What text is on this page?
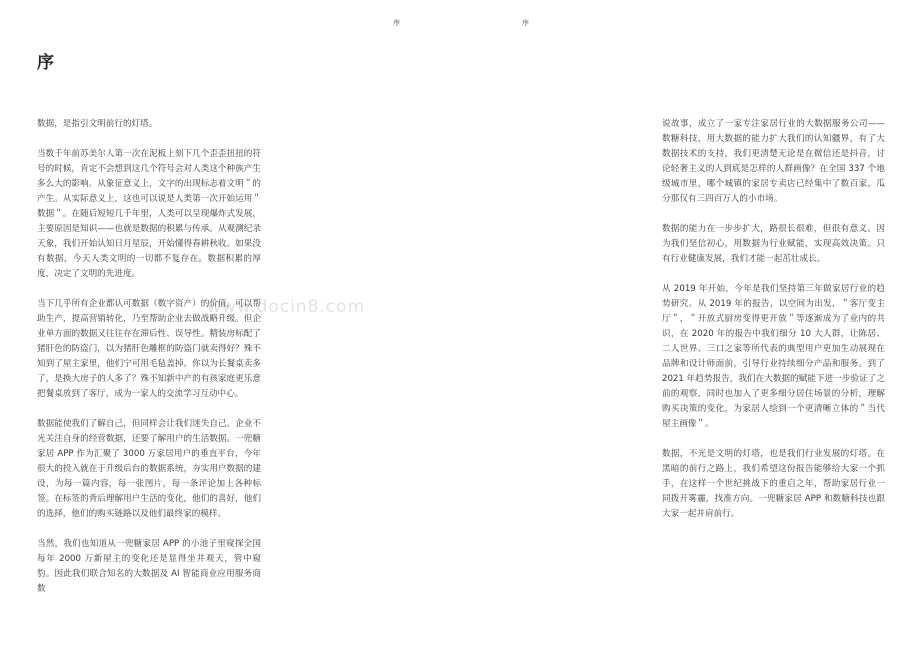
序	序
序
www.docin8.com

数据，是指引文明前行的灯塔。

当数千年前苏美尔人第一次在泥板上刻下几个歪歪扭扭的符号的时候，肯定不会想到这几个符号会对人类这个种族产生多么大的影响。从象征意义上，文字的出现标志着文明＂的产生。从实际意义上，这也可以说是人类第一次开始运用＂数据＂。在随后短短几千年里，人类可以呈现爆炸式发展，主要原因是知识——也就是数据的积累与传承。从观测纪录天象，我们开始认知日月星辰，开始懂得春耕秋收。如果没有数据，今天人类文明的一切都不复存在。数据积累的厚度，决定了文明的先进度。

当下几乎所有企业都认可数据（数字资产）的价值，可以帮助生产，提高营销转化，乃至帮助企业去做战略升级。但企业单方面的数据又往往存在滞后性、误导性。精装房标配了猪肝色的防盗门，以为猪肝色雕框的防盗门就卖得好？殊不知到了屋主家里，他们宁可用毛毡盖掉。你以为长餐桌卖多了，是换大房子的人多了？殊不知新中产的有孩家庭更乐意把餐桌放到了客厅，成为一家人的交流学习互动中心。

数据能使我们了解自己，但同样会让我们迷失自己。企业不光关注自身的经营数据，还要了解用户的生活数据。一兜糖家居 APP 作为汇聚了 3000 万家居用户的垂直平台，今年很大的投入就在于升级后台的数据系统，夯实用户数据的建设，为每一篇内容，每一张图片，每一条评论加上各种标签。在标签的背后理解用户生活的变化，他们的喜好，他们的选择，他们的购买链路以及他们最终家的模样。

当然，我们也知道从一兜糖家居 APP 的小池子里窥探全国每年 2000 万新屋主的变化还是显得坐井观天，管中窥豹。因此我们联合知名的大数据及 AI 智能商业应用服务商数

说故事，成立了一家专注家居行业的大数据服务公司——数糖科技，用大数据的能力扩大我们的认知疆界，有了大数据技术的支持，我们更清楚无论是在微信还是抖音，讨论轻奢主义的人到底是怎样的人群画像？在全国 337 个地级城市里，哪个城镇的家居专卖店已经集中了数百家，瓜分那仅有三四百万人的小市场。

数据的能力在一步步扩大，路很长很难，但很有意义。因为我们坚信初心，用数据为行业赋能，实现高效决策。只有行业健康发展，我们才能一起茁壮成长。

从 2019 年开始，今年是我们坚持第三年做家居行业的趋势研究。从 2019 年的报告，以空间为出发，＂客厅变主厅＂，＂开放式厨房变得更开放＂等逐渐成为了业内的共识，在 2020 年的报告中我们细分 10 大人群，让陈居、二人世界、三口之家等所代表的典型用户更加生动展现在品牌和设计师面前，引导行业持续细分产品和服务。到了 2021 年趋势报告，我们在大数据的赋能下进一步验证了之前的观察，同时也加入了更多细分居住场景的分析，理解购买决策的变化，为家居人绘到一个更清晰立体的＂当代屋主画像＂。

数据，不光是文明的灯塔，也是我们行业发展的灯塔。在黑暗的前行之路上，我们希望这份报告能够给大家一个抓手，在这样一个世纪挑战下的重启之年，帮助家居行业一同拨开雾霾，找准方向。一兜糖家居 APP 和数糖科技也跟大家一起并肩前行。
